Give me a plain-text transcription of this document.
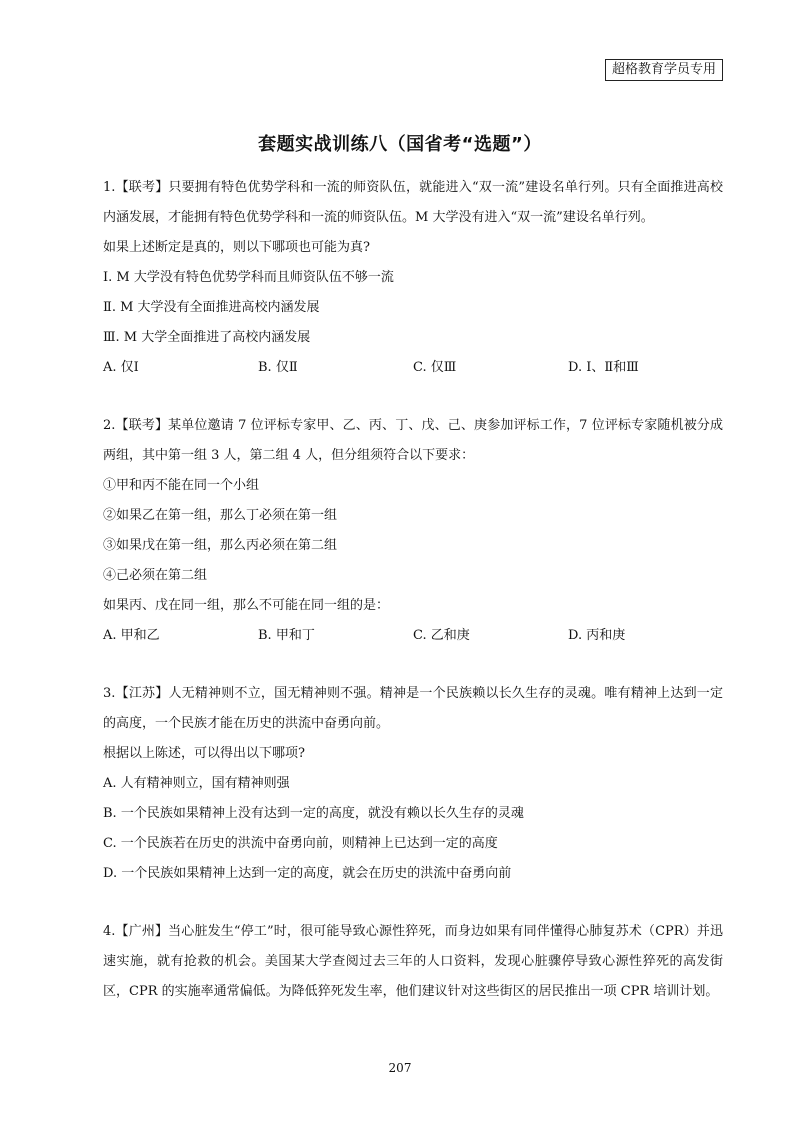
超格教育学员专用
套题实战训练八（国省考“选题”）

1.【联考】只要拥有特色优势学科和一流的师资队伍，就能进入“双一流”建设名单行列。只有全面推进高校内涵发展，才能拥有特色优势学科和一流的师资队伍。M 大学没有进入“双一流”建设名单行列。

如果上述断定是真的，则以下哪项也可能为真?

Ⅰ. M 大学没有特色优势学科而且师资队伍不够一流

Ⅱ. M 大学没有全面推进高校内涵发展

Ⅲ. M 大学全面推进了高校内涵发展

A. 仅Ⅰ	B. 仅Ⅱ	C. 仅Ⅲ	D. Ⅰ、Ⅱ和Ⅲ

2.【联考】某单位邀请 7 位评标专家甲、乙、丙、丁、戊、己、庚参加评标工作，7 位评标专家随机被分成两组，其中第一组 3 人，第二组 4 人，但分组须符合以下要求：

①甲和丙不能在同一个小组

②如果乙在第一组，那么丁必须在第一组

③如果戊在第一组，那么丙必须在第二组

④己必须在第二组

如果丙、戊在同一组，那么不可能在同一组的是：

A. 甲和乙	B. 甲和丁	C. 乙和庚	D. 丙和庚

3.【江苏】人无精神则不立，国无精神则不强。精神是一个民族赖以长久生存的灵魂。唯有精神上达到一定的高度，一个民族才能在历史的洪流中奋勇向前。

根据以上陈述，可以得出以下哪项?

A. 人有精神则立，国有精神则强

B. 一个民族如果精神上没有达到一定的高度，就没有赖以长久生存的灵魂

C. 一个民族若在历史的洪流中奋勇向前，则精神上已达到一定的高度

D. 一个民族如果精神上达到一定的高度，就会在历史的洪流中奋勇向前

4.【广州】当心脏发生“停工”时，很可能导致心源性猝死，而身边如果有同伴懂得心肺复苏术（CPR）并迅速实施，就有抢救的机会。美国某大学查阅过去三年的人口资料，发现心脏骤停导致心源性猝死的高发街区，CPR 的实施率通常偏低。为降低猝死发生率，他们建议针对这些街区的居民推出一项 CPR 培训计划。

207
